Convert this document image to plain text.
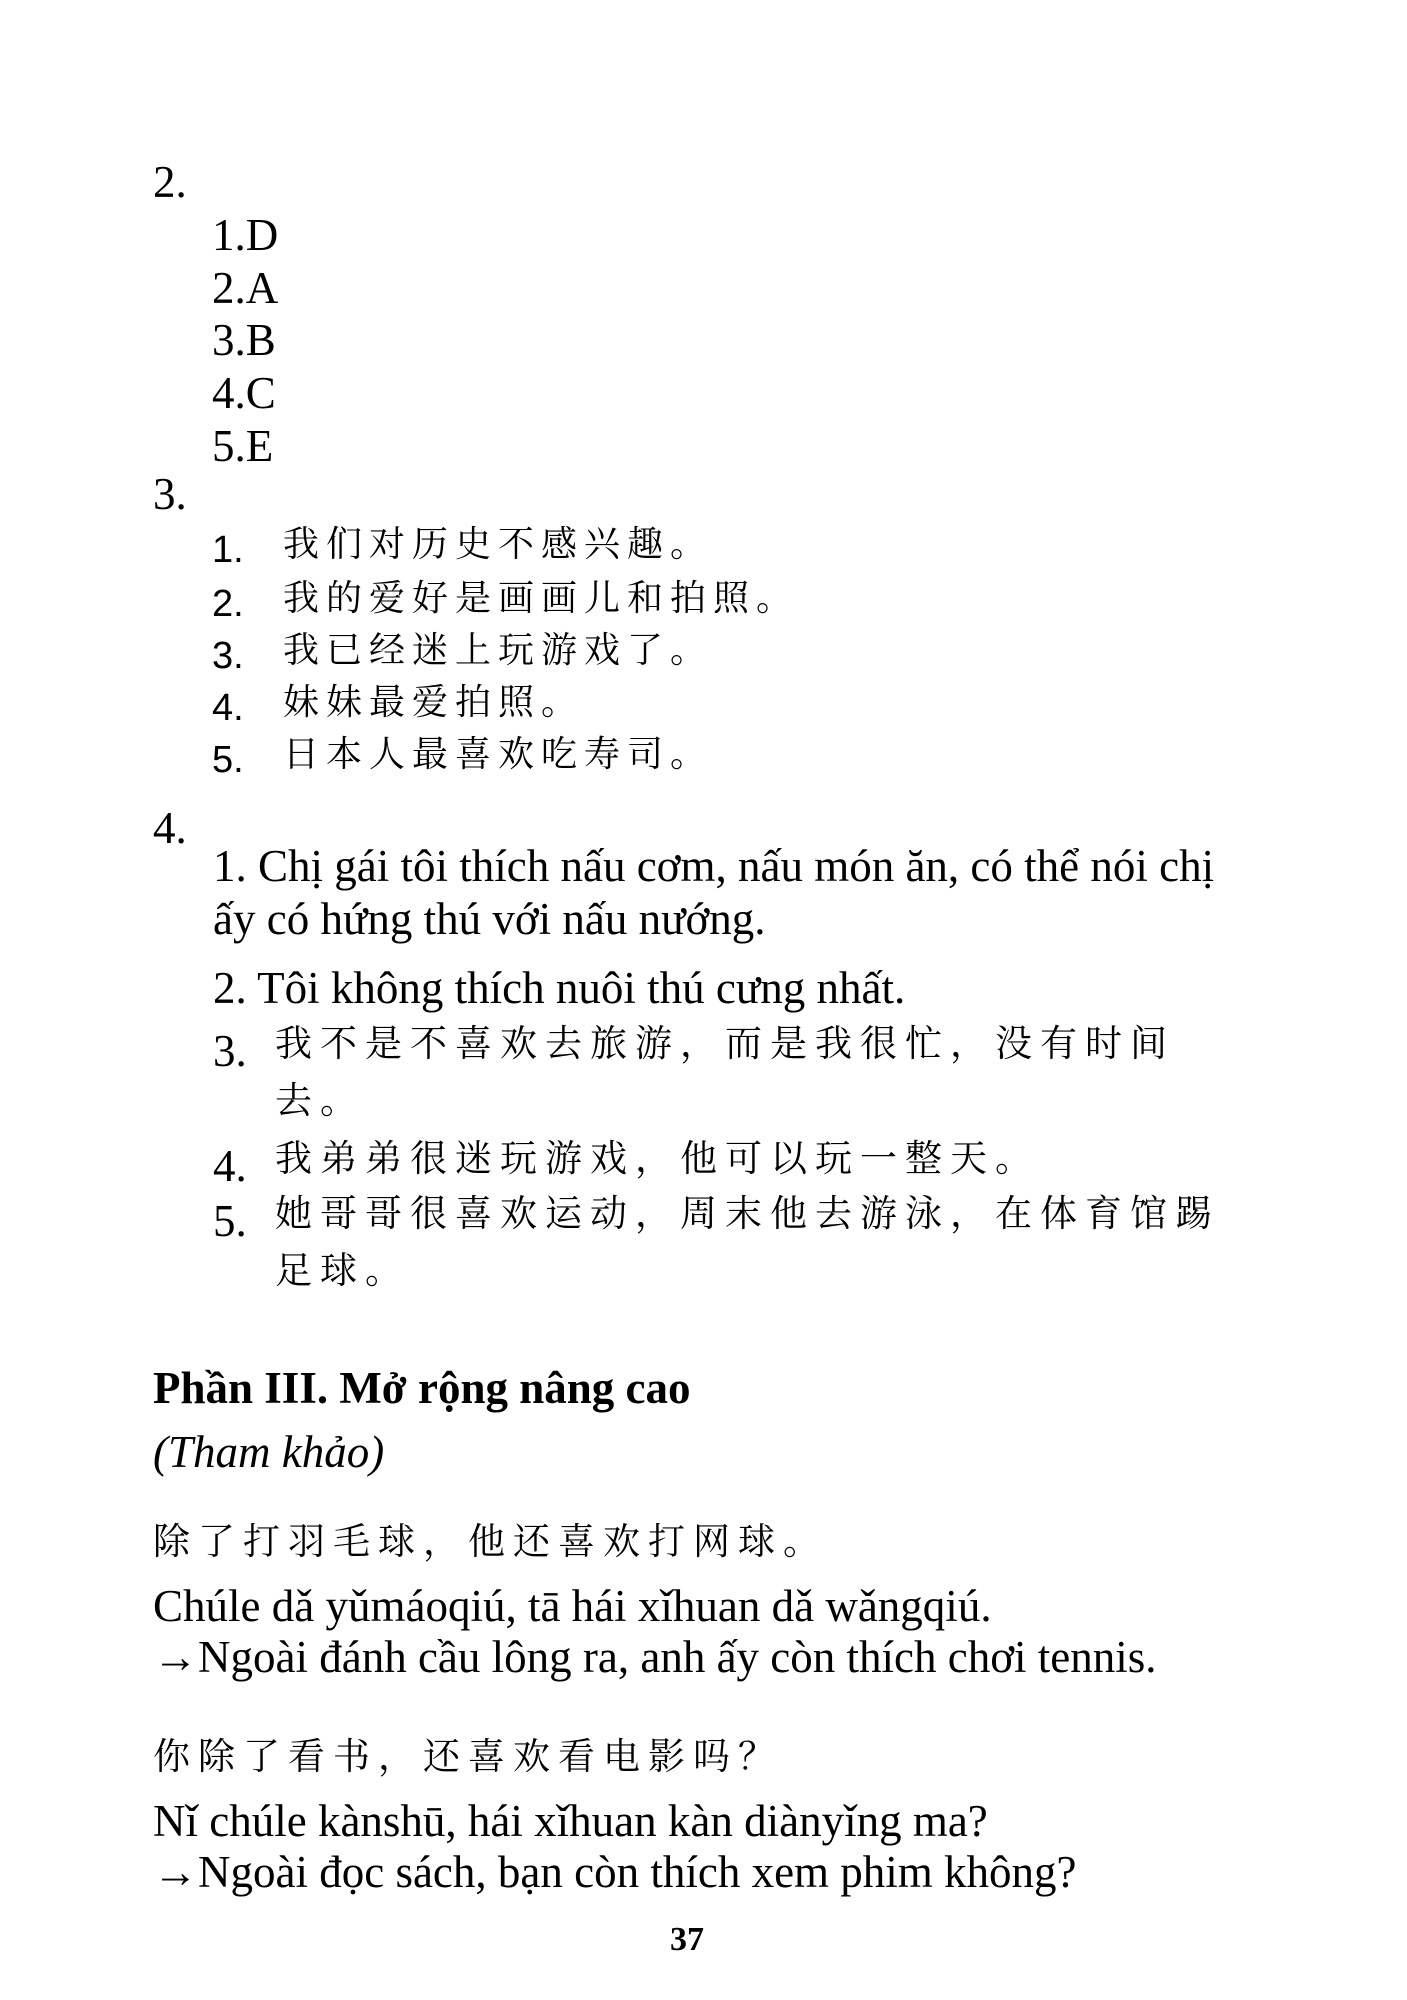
2.
1.D
2.A
3.B
4.C
5.E
3.
1. 我们对历史不感兴趣。
2. 我的爱好是画画儿和拍照。
3. 我已经迷上玩游戏了。
4. 妹妹最爱拍照。
5. 日本人最喜欢吃寿司。
4.
1. Chị gái tôi thích nấu cơm, nấu món ăn, có thể nói chị
ấy có hứng thú với nấu nướng.
2. Tôi không thích nuôi thú cưng nhất.
3. 我不是不喜欢去旅游，而是我很忙，没有时间
去。
4. 我弟弟很迷玩游戏，他可以玩一整天。
5. 她哥哥很喜欢运动，周末他去游泳，在体育馆踢
足球。
Phần III. Mở rộng nâng cao
(Tham khảo)
除了打羽毛球，他还喜欢打网球。
Chúle dǎ yǔmáoqiú, tā hái xǐhuan dǎ wǎngqiú.
→Ngoài đánh cầu lông ra, anh ấy còn thích chơi tennis.
你除了看书，还喜欢看电影吗？
Nǐ chúle kànshū, hái xǐhuan kàn diànyǐng ma?
→Ngoài đọc sách, bạn còn thích xem phim không?
37
